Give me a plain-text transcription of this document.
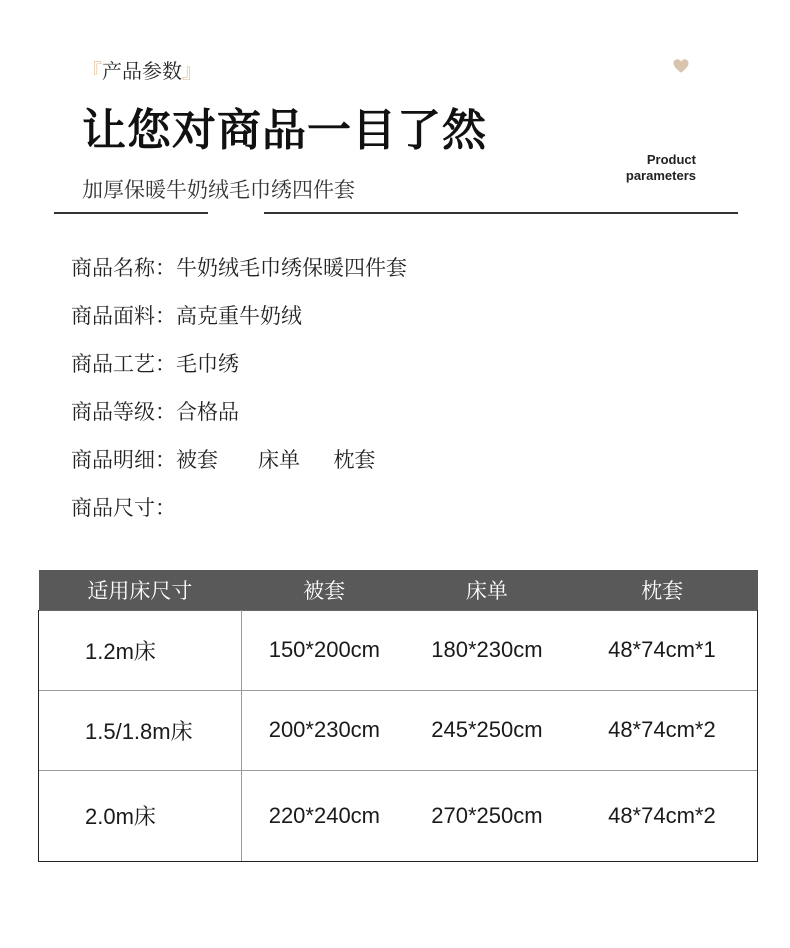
『产品参数』
让您对商品一目了然
加厚保暖牛奶绒毛巾绣四件套
Product
parameters
商品名称：牛奶绒毛巾绣保暖四件套
商品面料：高克重牛奶绒
商品工艺：毛巾绣
商品等级：合格品
商品明细：被套      床单     枕套
商品尺寸：
适用床尺寸	被套	床单	枕套
1.2m床	150*200cm	180*230cm	48*74cm*1
1.5/1.8m床	200*230cm	245*250cm	48*74cm*2
2.0m床	220*240cm	270*250cm	48*74cm*2
